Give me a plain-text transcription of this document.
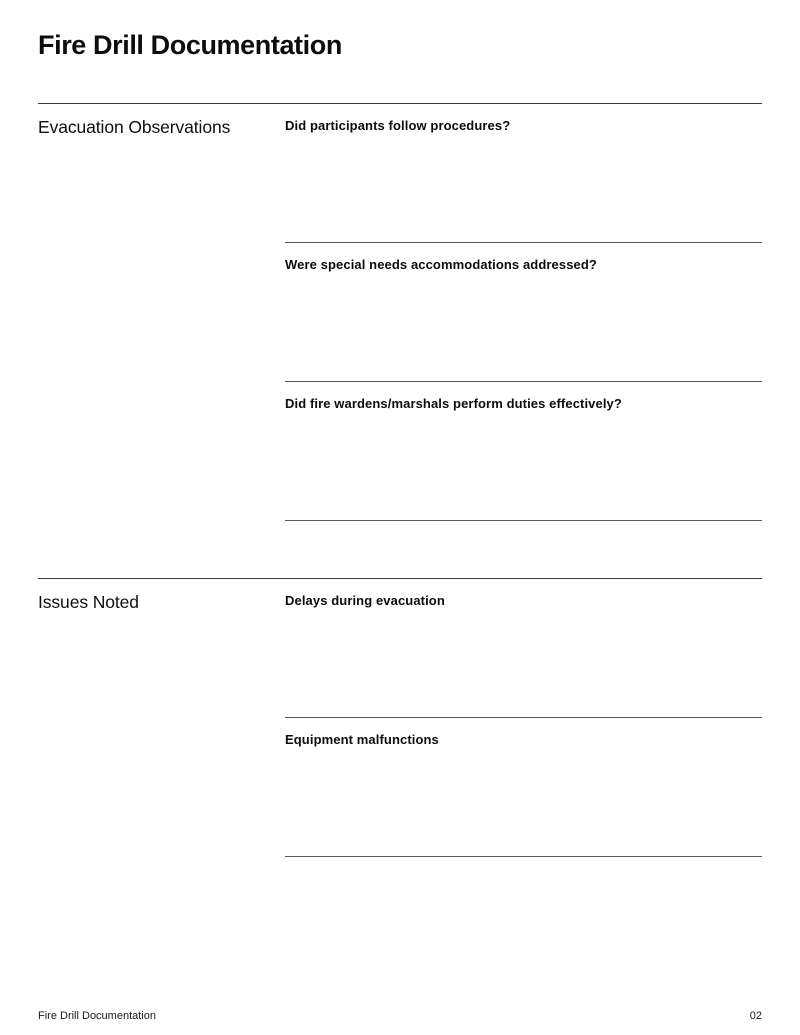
Fire Drill Documentation
Evacuation Observations	Did participants follow procedures?
Were special needs accommodations addressed?
Did fire wardens/marshals perform duties effectively?
Issues Noted	Delays during evacuation
Equipment malfunctions
Fire Drill Documentation	02
